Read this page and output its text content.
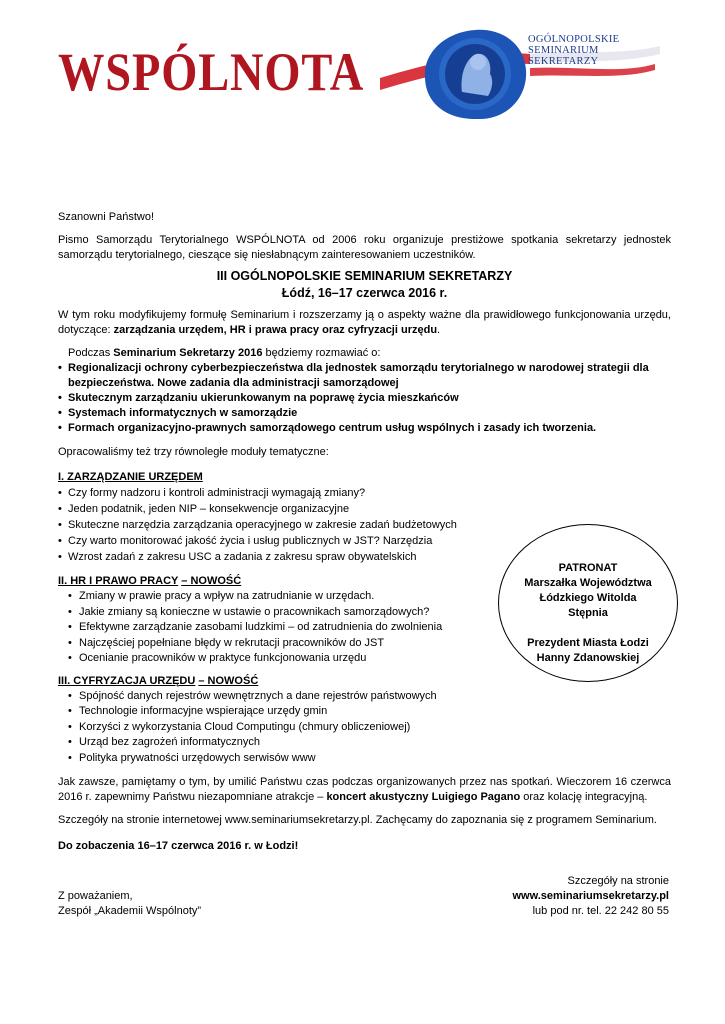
WSPÓLNOTA
OGÓLNOPOLSKIE
SEMINARIUM
SEKRETARZY

Szanowni Państwo!

Pismo Samorządu Terytorialnego WSPÓLNOTA od 2006 roku organizuje prestiżowe spotkania sekretarzy jednostek samorządu terytorialnego, cieszące się niesłabnącym zainteresowaniem uczestników.

III OGÓLNOPOLSKIE SEMINARIUM SEKRETARZY

Łódź, 16–17 czerwca 2016 r.

W tym roku modyfikujemy formułę Seminarium i rozszerzamy ją o aspekty ważne dla prawidłowego funkcjonowania urzędu, dotyczące: zarządzania urzędem, HR i prawa pracy oraz cyfryzacji urzędu.

Podczas Seminarium Sekretarzy 2016 będziemy rozmawiać o:

• Regionalizacji ochrony cyberbezpieczeństwa dla jednostek samorządu terytorialnego w narodowej strategii dla bezpieczeństwa. Nowe zadania dla administracji samorządowej
• Skutecznym zarządzaniu ukierunkowanym na poprawę życia mieszkańców
• Systemach informatycznych w samorządzie
• Formach organizacyjno-prawnych samorządowego centrum usług wspólnych i zasady ich tworzenia.

Opracowaliśmy też trzy równoległe moduły tematyczne:

I. ZARZĄDZANIE URZĘDEM

• Czy formy nadzoru i kontroli administracji wymagają zmiany?
• Jeden podatnik, jeden NIP – konsekwencje organizacyjne
• Skuteczne narzędzia zarządzania operacyjnego w zakresie zadań budżetowych
• Czy warto monitorować jakość życia i usług publicznych w JST? Narzędzia
• Wzrost zadań z zakresu USC a zadania z zakresu spraw obywatelskich

II. HR I PRAWO PRACY – NOWOŚĆ

• Zmiany w prawie pracy a wpływ na zatrudnianie w urzędach.
• Jakie zmiany są konieczne w ustawie o pracownikach samorządowych?
• Efektywne zarządzanie zasobami ludzkimi – od zatrudnienia do zwolnienia
• Najczęściej popełniane błędy w rekrutacji pracowników do JST
• Ocenianie pracowników w praktyce funkcjonowania urzędu

III. CYFRYZACJA URZĘDU – NOWOŚĆ

• Spójność danych rejestrów wewnętrznych a dane rejestrów państwowych
• Technologie informacyjne wspierające urzędy gmin
• Korzyści z wykorzystania Cloud Computingu (chmury obliczeniowej)
• Urząd bez zagrożeń informatycznych
• Polityka prywatności urzędowych serwisów www

Jak zawsze, pamiętamy o tym, by umilić Państwu czas podczas organizowanych przez nas spotkań. Wieczorem 16 czerwca 2016 r. zapewnimy Państwu niezapomniane atrakcje – koncert akustyczny Luigiego Pagano oraz kolację integracyjną.

Szczegóły na stronie internetowej www.seminariumsekretarzy.pl. Zachęcamy do zapoznania się z programem Seminarium.

Do zobaczenia 16–17 czerwca 2016 r. w Łodzi!

PATRONAT
Marszałka Województwa
Łódzkiego Witolda
Stępnia
Prezydent Miasta Łodzi
Hanny Zdanowskiej
Szczegóły na stronie
www.seminariumsekretarzy.pl
lub pod nr. tel. 22 242 80 55
Z poważaniem,
Zespół „Akademii Wspólnoty”
